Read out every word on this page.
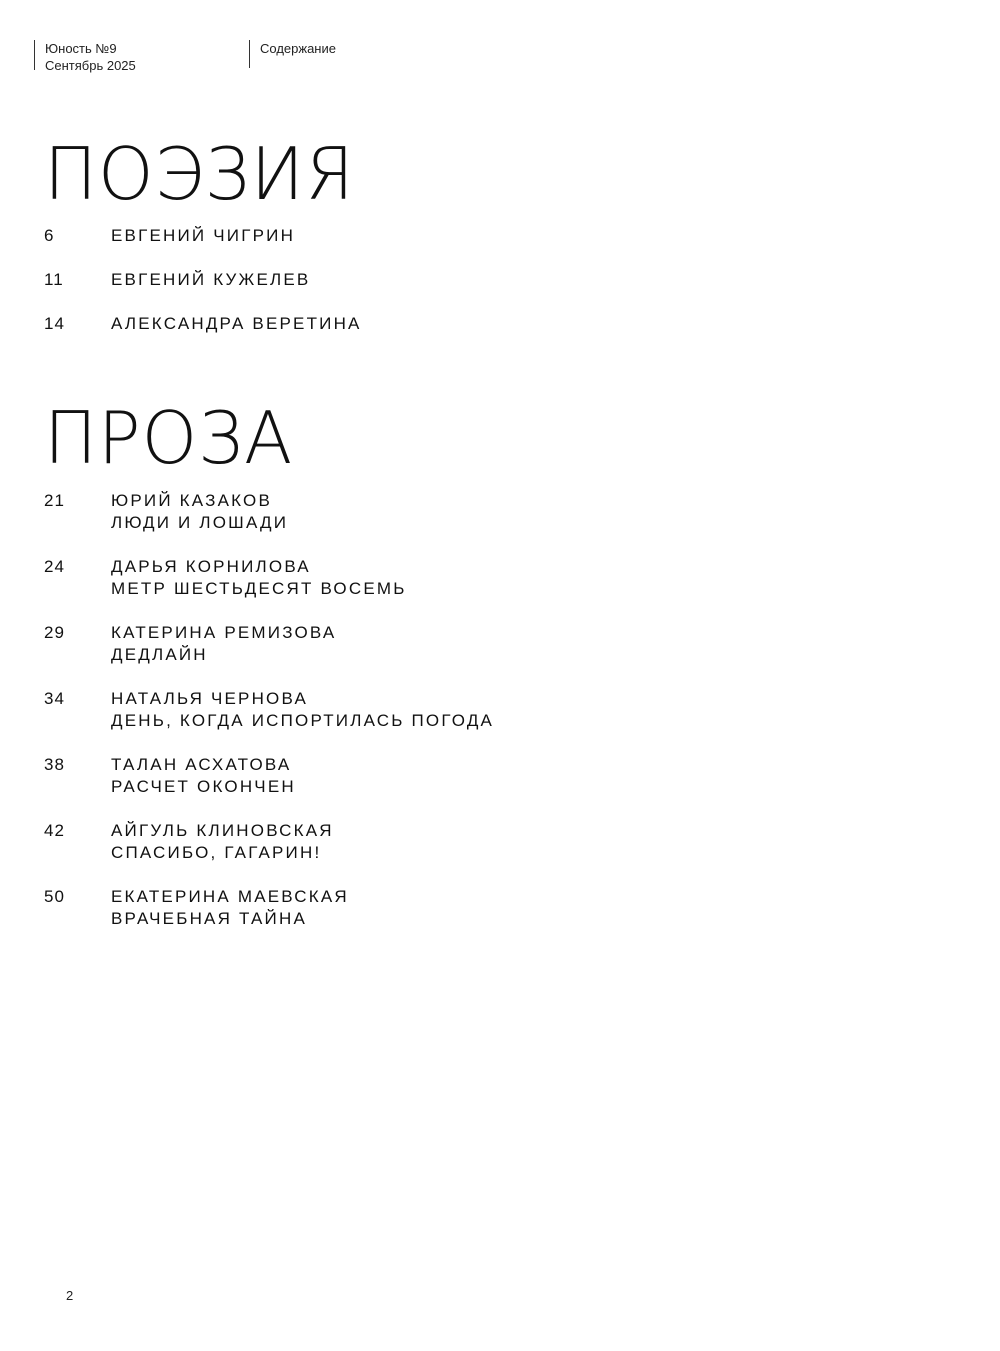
Юность №9
Сентябрь 2025
Содержание
ПОЭЗИЯ
6	ЕВГЕНИЙ ЧИГРИН
11	ЕВГЕНИЙ КУЖЕЛЕВ
14	АЛЕКСАНДРА ВЕРЕТИНА
ПРОЗА
21	ЮРИЙ КАЗАКОВ
ЛЮДИ И ЛОШАДИ
24	ДАРЬЯ КОРНИЛОВА
МЕТР ШЕСТЬДЕСЯТ ВОСЕМЬ
29	КАТЕРИНА РЕМИЗОВА
ДЕДЛАЙН
34	НАТАЛЬЯ ЧЕРНОВА
ДЕНЬ, КОГДА ИСПОРТИЛАСЬ ПОГОДА
38	ТАЛАН АСХАТОВА
РАСЧЕТ ОКОНЧЕН
42	АЙГУЛЬ КЛИНОВСКАЯ
СПАСИБО, ГАГАРИН!
50	ЕКАТЕРИНА МАЕВСКАЯ
ВРАЧЕБНАЯ ТАЙНА
2
